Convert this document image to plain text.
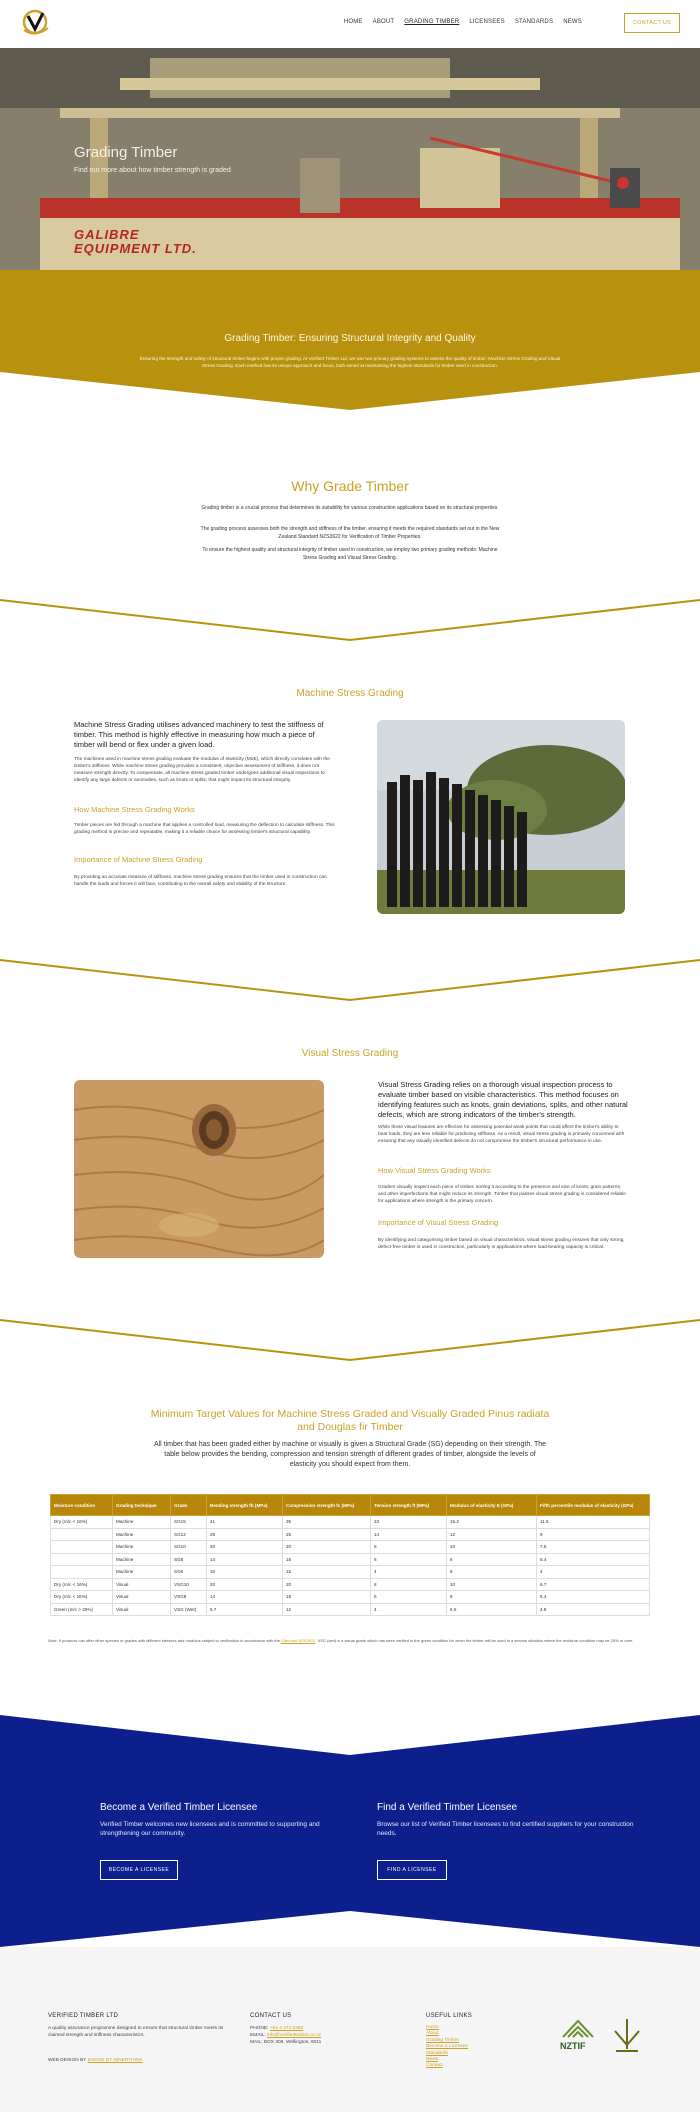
HOME ABOUT GRADING TIMBER LICENSEES STANDARDS NEWS	CONTACT US
GALIBRE
EQUIPMENT LTD.
Grading Timber
Find out more about how timber strength is graded
Grading Timber: Ensuring Structural Integrity and Quality
Ensuring the strength and safety of structural timber begins with proper grading. At Verified Timber Ltd, we use two primary grading systems to assess the quality of timber: Machine Stress Grading and Visual Stress Grading. Each method has its unique approach and focus, both aimed at maintaining the highest standards for timber used in construction.
Why Grade Timber
Grading timber is a crucial process that determines its suitability for various construction applications based on its structural properties.
The grading process assesses both the strength and stiffness of the timber, ensuring it meets the required standards set out in the New Zealand Standard NZS3622 for Verification of Timber Properties.
To ensure the highest quality and structural integrity of timber used in construction, we employ two primary grading methods: Machine Stress Grading and Visual Stress Grading.
Machine Stress Grading
Machine Stress Grading utilises advanced machinery to test the stiffness of timber. This method is highly effective in measuring how much a piece of timber will bend or flex under a given load.
The machines used in machine stress grading evaluate the modulus of elasticity (MoE), which directly correlates with the timber's stiffness. While machine stress grading provides a consistent, objective assessment of stiffness, it does not measure strength directly. To compensate, all machine stress graded timber undergoes additional visual inspections to identify any large defects or anomalies, such as knots or splits, that might impact its structural integrity.
How Machine Stress Grading Works
Timber pieces are fed through a machine that applies a controlled load, measuring the deflection to calculate stiffness. This grading method is precise and repeatable, making it a reliable choice for assessing timber's structural capability.
Importance of Machine Stress Grading
By providing an accurate measure of stiffness, machine stress grading ensures that the timber used in construction can handle the loads and forces it will face, contributing to the overall safety and stability of the structure.
Visual Stress Grading
Visual Stress Grading relies on a thorough visual inspection process to evaluate timber based on visible characteristics. This method focuses on identifying features such as knots, grain deviations, splits, and other natural defects, which are strong indicators of the timber's strength.
While these visual features are effective for assessing potential weak points that could affect the timber's ability to bear loads, they are less reliable for predicting stiffness. As a result, visual stress grading is primarily concerned with ensuring that any visually identified defects do not compromise the timber's structural performance in use.
How Visual Stress Grading Works
Graders visually inspect each piece of timber, sorting it according to the presence and size of knots, grain patterns, and other imperfections that might reduce its strength. Timber that passes visual stress grading is considered reliable for applications where strength is the primary concern.
Importance of Visual Stress Grading
By identifying and categorising timber based on visual characteristics, visual stress grading ensures that only strong, defect-free timber is used in construction, particularly in applications where load-bearing capacity is critical.
Minimum Target Values for Machine Stress Graded and Visually Graded Pinus radiata and Douglas fir Timber
All timber that has been graded either by machine or visually is given a Structural Grade (SG) depending on their strength. The table below provides the bending, compression and tension strength of different grades of timber, alongside the levels of elasticity you should expect from them.
Moisture condition	Grading technique	Grade	Bending strength fb (MPa)	Compression strength fc (MPa)	Tension strength ft (MPa)	Modulus of elasticity E (GPa)	Fifth percentile modulus of elasticity (GPa)
Dry (m/c < 16%)	Machine	SG15	41	35	23	15.2	11.5
	Machine	SG12	28	25	14	12	9
	Machine	SG10	20	20	8	10	7.5
	Machine	SG8	14	18	6	8	5.4
	Machine	SG6	10	15	4	6	4
Dry (m/c < 16%)	Visual	VSG10	20	20	8	10	6.7
Dry (m/c < 16%)	Visual	VSG8	14	18	6	8	5.4
Green (m/c > 25%)	Visual	VSG (Wet)	5.7	12	4	6.5	4.8
Note: If products can offer other species or grades with different stresses and modulus subject to verification in accordance with the Standard NZS3622. VSG (wet) is a visual grade which has been verified in the green condition for when the timber will be used in a service situation where the moisture condition may be 25% or over.
Become a Verified Timber Licensee
Verified Timber welcomes new licensees and is committed to supporting and strengthening our community.
BECOME A LICENSEE
Find a Verified Timber Licensee
Browse our list of Verified Timber licensees to find certified suppliers for your construction needs.
FIND A LICENSEE
VERIFIED TIMBER LTD
A quality assurance programme designed to ensure that structural timber meets its claimed strength and stiffness characteristics.
WEB DESIGN BY BADGE BY INNERTHINK
CONTACT US
PHONE: +64 4 473 5385
EMAIL: info@verifiedtimber.co.nz
MAIL: BOX 308, Wellington, 6011
USEFUL LINKS
Home
About
Grading Timber
Become a Licensee
Standards
News
Contact
NZTIF
